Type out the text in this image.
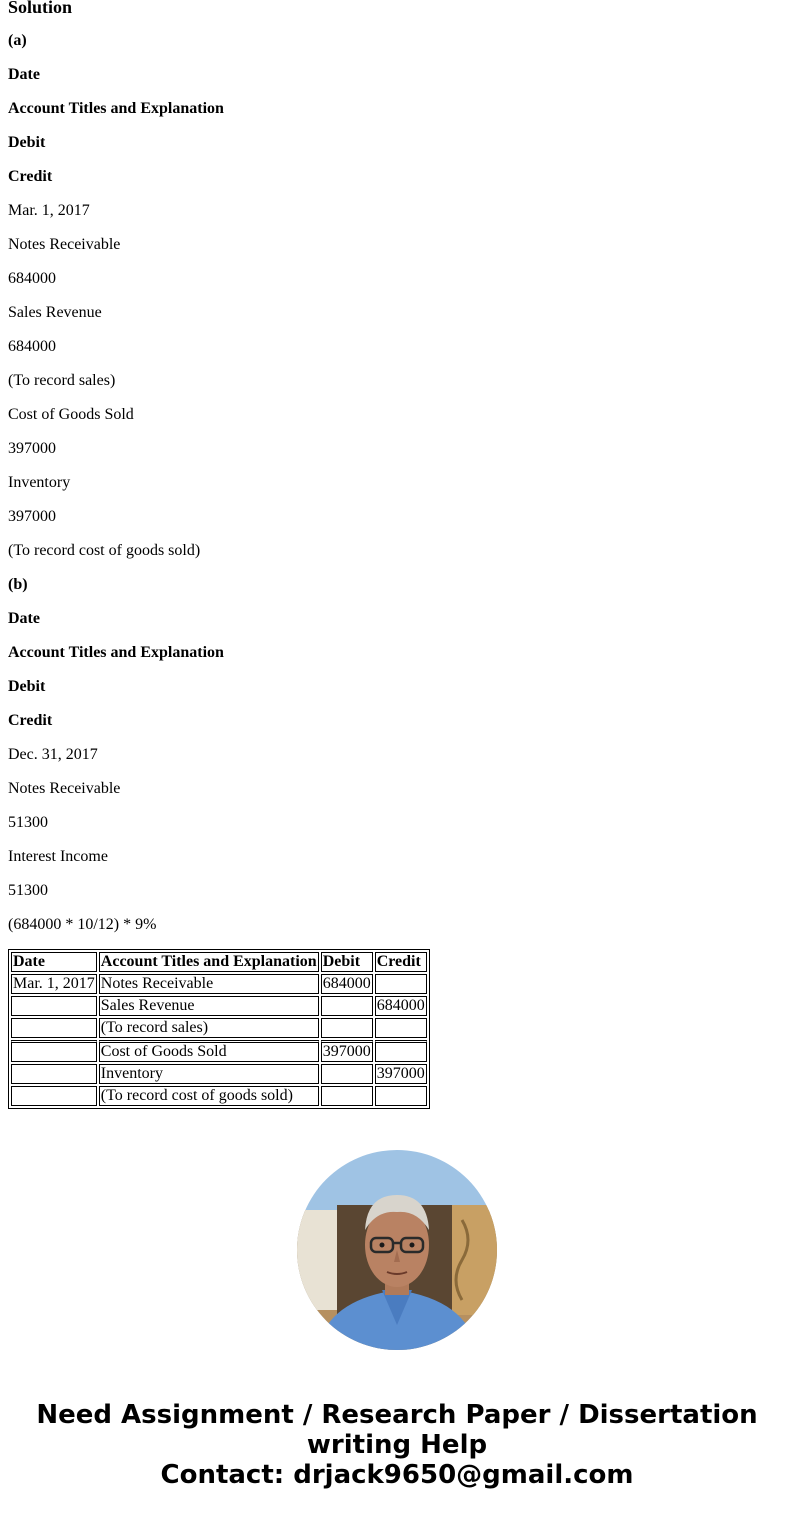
Solution
(a)
Date
Account Titles and Explanation
Debit
Credit
Mar. 1, 2017
Notes Receivable
684000
Sales Revenue
684000
(To record sales)
Cost of Goods Sold
397000
Inventory
397000
(To record cost of goods sold)
(b)
Date
Account Titles and Explanation
Debit
Credit
Dec. 31, 2017
Notes Receivable
51300
Interest Income
51300
(684000 * 10/12) * 9%
Date	Account Titles and Explanation	Debit	Credit
Mar. 1, 2017	Notes Receivable	684000	
	Sales Revenue		684000
	(To record sales)		
	Cost of Goods Sold	397000	
	Inventory		397000
	(To record cost of goods sold)		
Need Assignment / Research Paper / Dissertation
writing Help
Contact: drjack9650@gmail.com
